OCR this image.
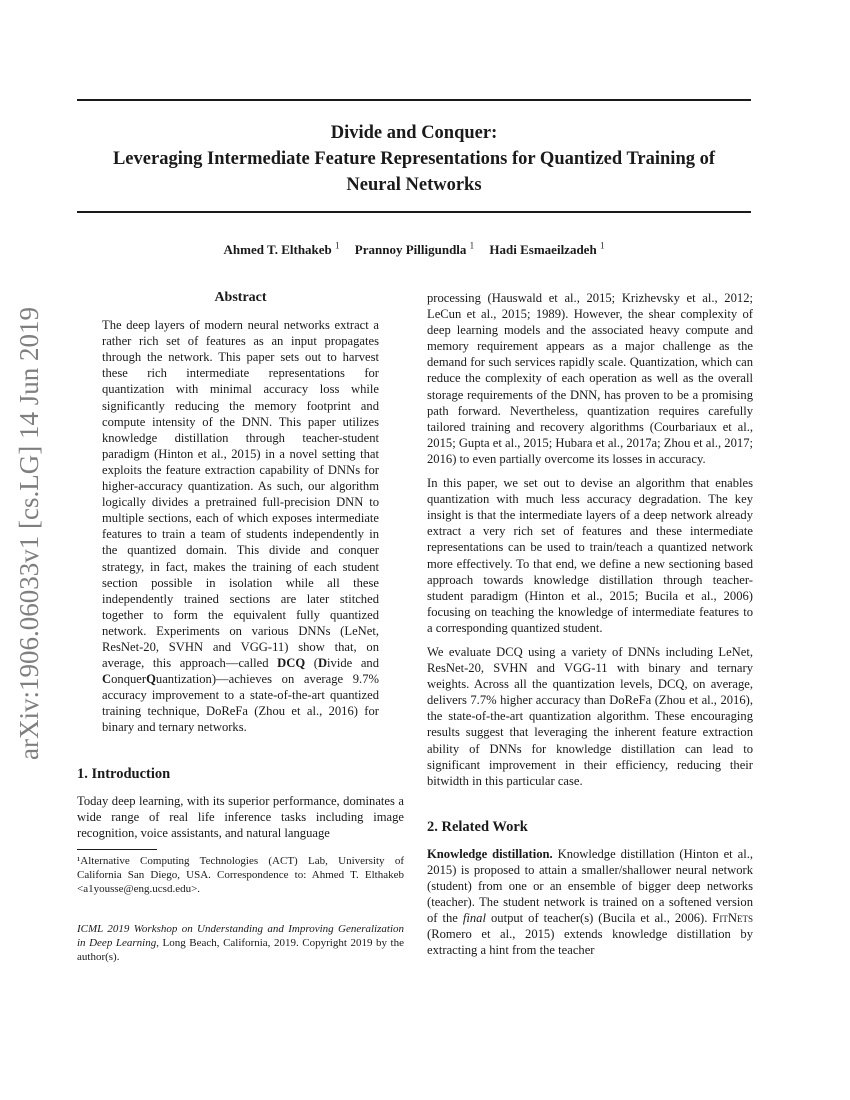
Divide and Conquer:
Leveraging Intermediate Feature Representations for Quantized Training of
Neural Networks
Ahmed T. Elthakeb $^1$ Prannoy Pilligundla $^1$ Hadi Esmaeilzadeh $^1$
arXiv:1906.06033v1 [cs.LG] 14 Jun 2019
Abstract

The deep layers of modern neural networks extract a rather rich set of features as an input propagates through the network. This paper sets out to harvest these rich intermediate representations for quantization with minimal accuracy loss while significantly reducing the memory footprint and compute intensity of the DNN. This paper utilizes knowledge distillation through teacher-student paradigm (Hinton et al., 2015) in a novel setting that exploits the feature extraction capability of DNNs for higher-accuracy quantization. As such, our algorithm logically divides a pretrained full-precision DNN to multiple sections, each of which exposes intermediate features to train a team of students independently in the quantized domain. This divide and conquer strategy, in fact, makes the training of each student section possible in isolation while all these independently trained sections are later stitched together to form the equivalent fully quantized network. Experiments on various DNNs (LeNet, ResNet-20, SVHN and VGG-11) show that, on average, this approach—called DCQ (Divide and ConquerQuantization)—achieves on average 9.7% accuracy improvement to a state-of-the-art quantized training technique, DoReFa (Zhou et al., 2016) for binary and ternary networks.

1. Introduction

Today deep learning, with its superior performance, dominates a wide range of real life inference tasks including image recognition, voice assistants, and natural language

¹Alternative Computing Technologies (ACT) Lab, University of California San Diego, USA. Correspondence to: Ahmed T. Elthakeb <a1yousse@eng.ucsd.edu>.
ICML 2019 Workshop on Understanding and Improving Generalization in Deep Learning, Long Beach, California, 2019. Copyright 2019 by the author(s).

processing (Hauswald et al., 2015; Krizhevsky et al., 2012; LeCun et al., 2015; 1989). However, the shear complexity of deep learning models and the associated heavy compute and memory requirement appears as a major challenge as the demand for such services rapidly scale. Quantization, which can reduce the complexity of each operation as well as the overall storage requirements of the DNN, has proven to be a promising path forward. Nevertheless, quantization requires carefully tailored training and recovery algorithms (Courbariaux et al., 2015; Gupta et al., 2015; Hubara et al., 2017a; Zhou et al., 2017; 2016) to even partially overcome its losses in accuracy.

In this paper, we set out to devise an algorithm that enables quantization with much less accuracy degradation. The key insight is that the intermediate layers of a deep network already extract a very rich set of features and these intermediate representations can be used to train/teach a quantized network more effectively. To that end, we define a new sectioning based approach towards knowledge distillation through teacher-student paradigm (Hinton et al., 2015; Bucila et al., 2006) focusing on teaching the knowledge of intermediate features to a corresponding quantized student.

We evaluate DCQ using a variety of DNNs including LeNet, ResNet-20, SVHN and VGG-11 with binary and ternary weights. Across all the quantization levels, DCQ, on average, delivers 7.7% higher accuracy than DoReFa (Zhou et al., 2016), the state-of-the-art quantization algorithm. These encouraging results suggest that leveraging the inherent feature extraction ability of DNNs for knowledge distillation can lead to significant improvement in their efficiency, reducing their bitwidth in this particular case.

2. Related Work

Knowledge distillation. Knowledge distillation (Hinton et al., 2015) is proposed to attain a smaller/shallower neural network (student) from one or an ensemble of bigger deep networks (teacher). The student network is trained on a softened version of the final output of teacher(s) (Bucila et al., 2006). FitNets (Romero et al., 2015) extends knowledge distillation by extracting a hint from the teacher
